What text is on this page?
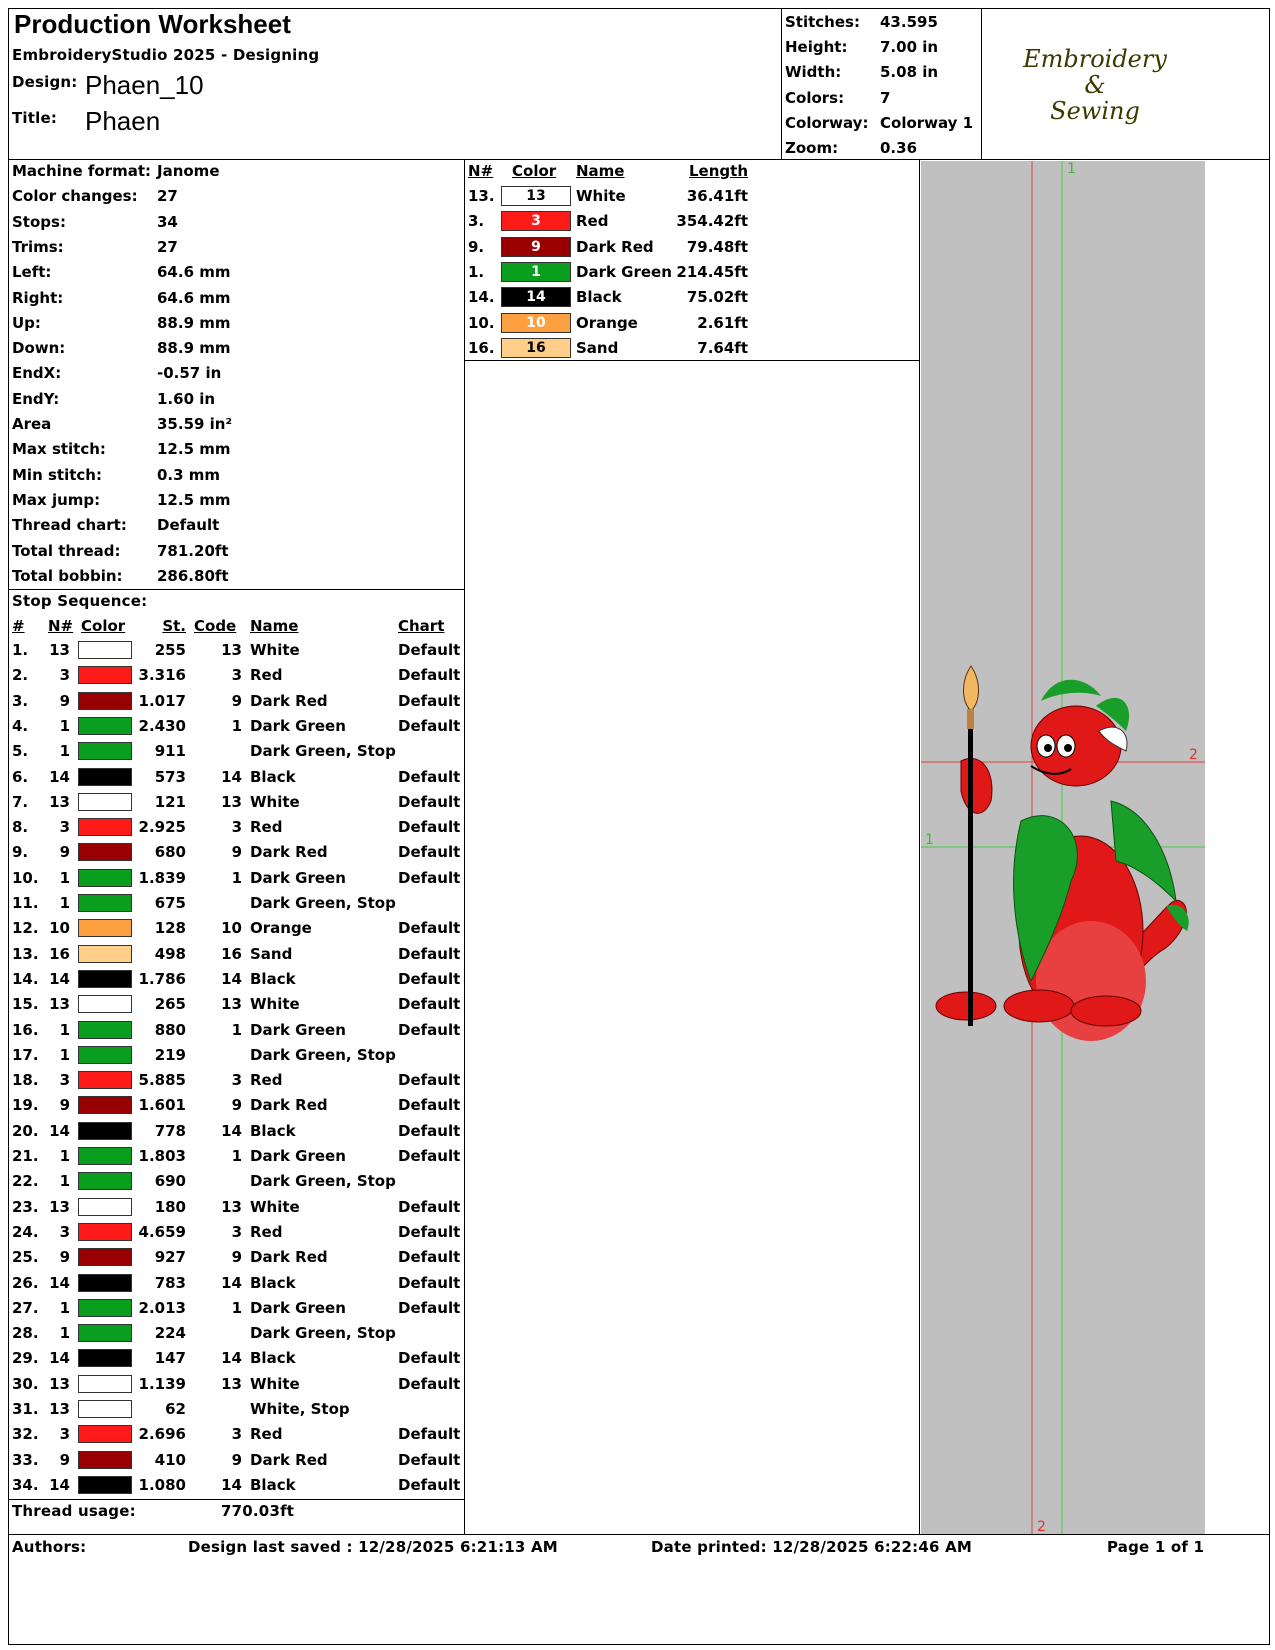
Production Worksheet
EmbroideryStudio 2025 - Designing
Design: Phaen_10
Title: Phaen
Stitches: 43.595
Height: 7.00 in
Width:	5.08 in
Colors: 7
Colorway: Colorway 1
Zoom:	0.36
Embroidery
&
Sewing
Machine format: Janome
Color changes: 27
Stops:	34
Trims:	27
Left:	64.6 mm
Right:	64.6 mm
Up:	88.9 mm
Down:	88.9 mm
EndX:	-0.57 in
EndY:	1.60 in
Area	35.59 in²
Max stitch:	12.5 mm
Min stitch:	0.3 mm
Max jump:	12.5 mm
Thread chart: Default
Total thread: 781.20ft
Total bobbin: 286.80ft
N# Color Name	Length
13.	13	White	36.41ft
3.	3	Red	354.42ft
9.	9	Dark Red	79.48ft
1.	1	Dark Green 214.45ft
14.	14	Black	75.02ft
10.	10	Orange	2.61ft
16.	16	Sand	7.64ft
Stop Sequence:
# N# Color	St. Code Name	Chart
1.	13	255	13 White	Default
2.	3	3.316	3 Red	Default
3.	9	1.017	9 Dark Red	Default
4.	1	2.430	1 Dark Green	Default
5.	1	911	Dark Green, Stop
6.	14	573	14 Black	Default
7.	13	121	13 White	Default
8.	3	2.925	3 Red	Default
9.	9	680	9 Dark Red	Default
10.	1	1.839	1 Dark Green	Default
11.	1	675	Dark Green, Stop
12. 10	128	10 Orange	Default
13. 16	498	16 Sand	Default
14. 14	1.786	14 Black	Default
15. 13	265	13 White	Default
16.	1	880	1 Dark Green	Default
17.	1	219	Dark Green, Stop
18.	3	5.885	3 Red	Default
19.	9	1.601	9 Dark Red	Default
20. 14	778	14 Black	Default
21.	1	1.803	1 Dark Green	Default
22.	1	690	Dark Green, Stop
23. 13	180	13 White	Default
24.	3	4.659	3 Red	Default
25.	9	927	9 Dark Red	Default
26. 14	783	14 Black	Default
27.	1	2.013	1 Dark Green	Default
28.	1	224	Dark Green, Stop
29. 14	147	14 Black	Default
30. 13	1.139	13 White	Default
31. 13	62	White, Stop
32.	3	2.696	3 Red	Default
33.	9	410	9 Dark Red	Default
34. 14	1.080	14 Black	Default
Thread usage:	770.03ft
1
2
1
2
Authors:	Design last saved : 12/28/2025 6:21:13 AM	Date printed: 12/28/2025 6:22:46 AM	Page 1 of 1
